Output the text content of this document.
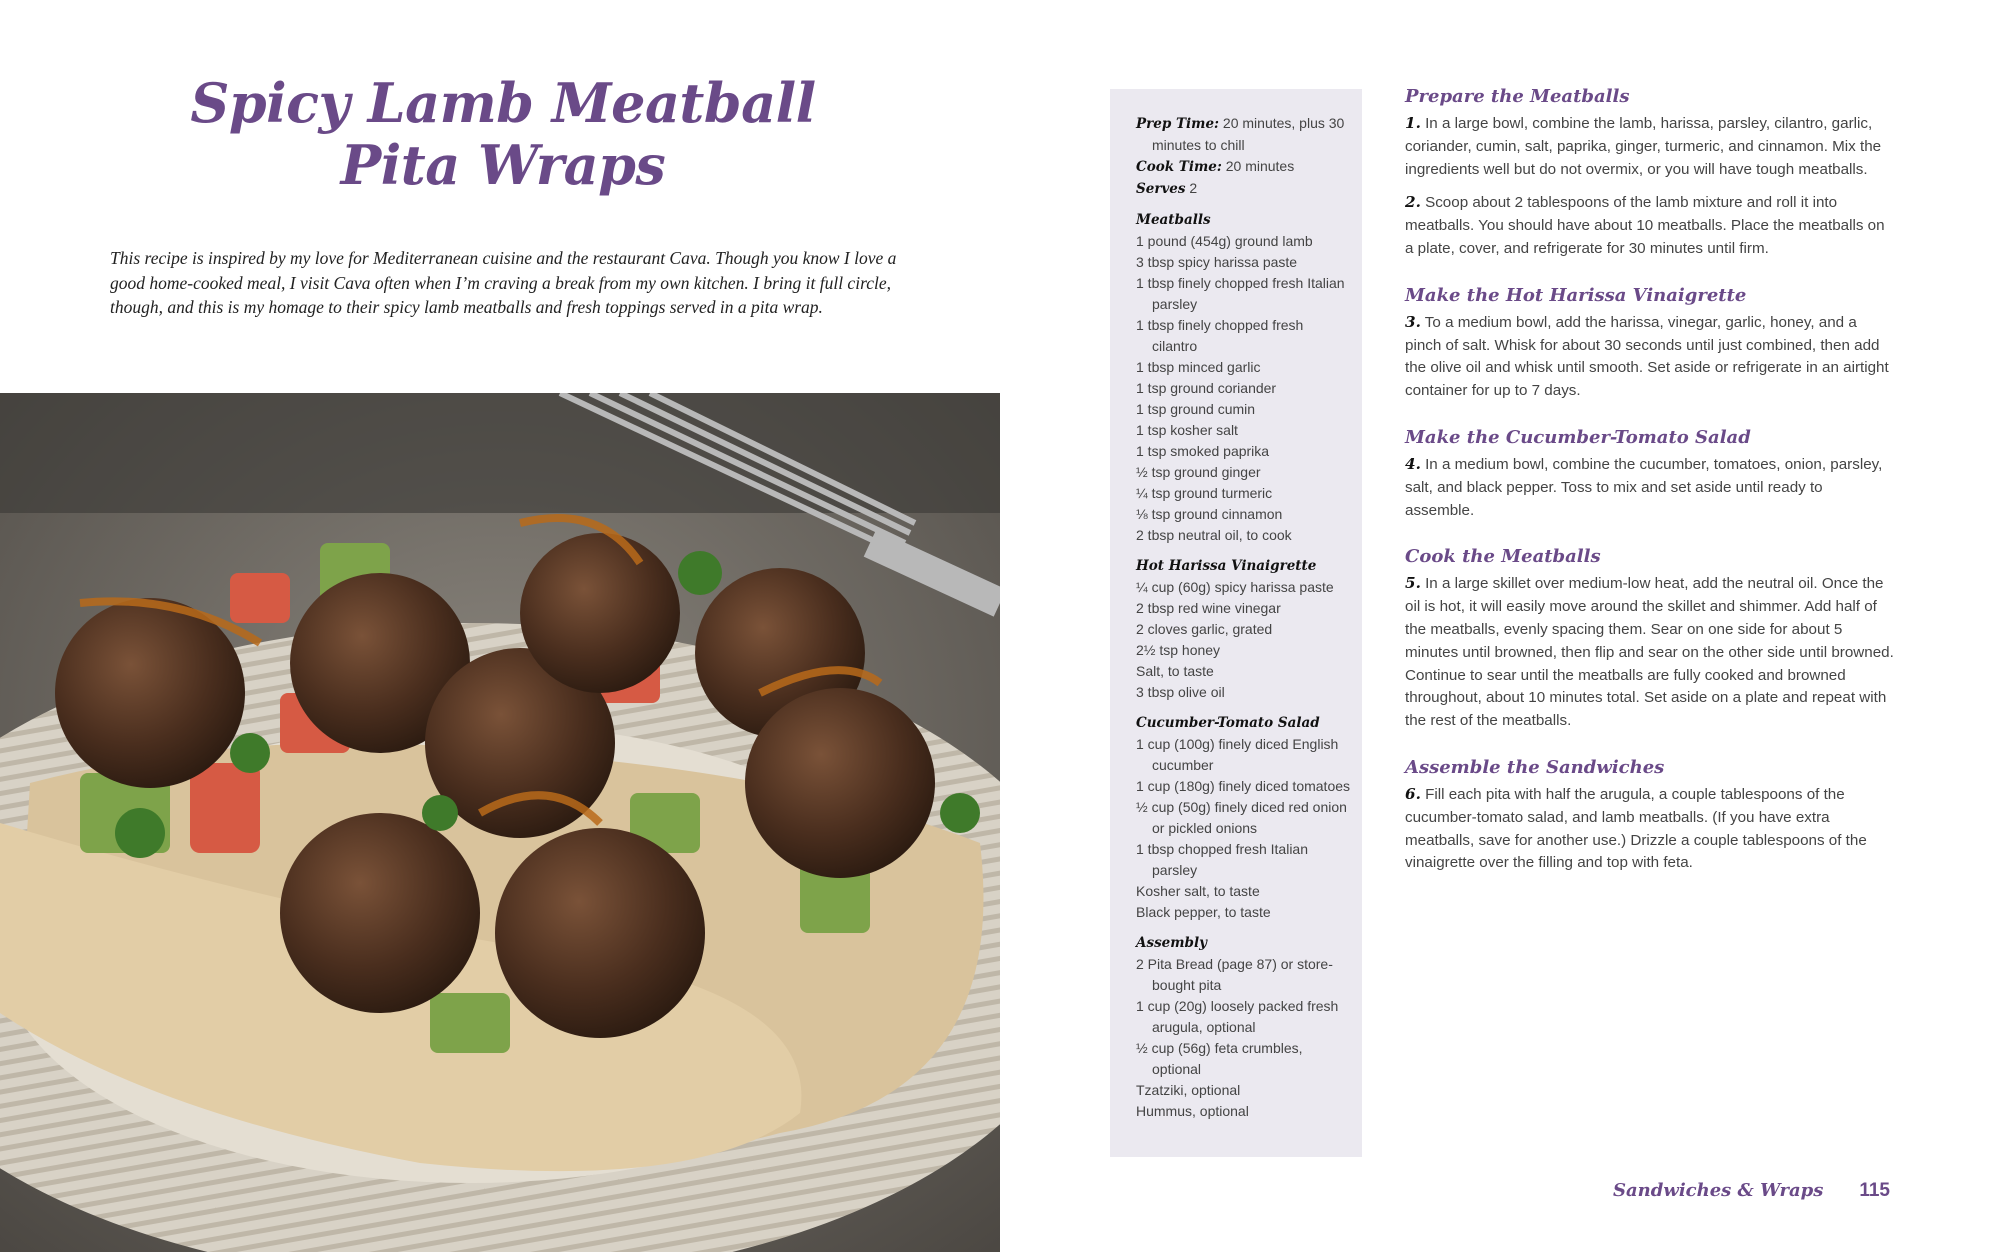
Spicy Lamb Meatball
Pita Wraps

This recipe is inspired by my love for Mediterranean cuisine and the restaurant Cava. Though you know I love a good home-cooked meal, I visit Cava often when I’m craving a break from my own kitchen. I bring it full circle, though, and this is my homage to their spicy lamb meatballs and fresh toppings served in a pita wrap.

Prep Time: 20 minutes, plus 30 minutes to chill
Cook Time: 20 minutes
Serves 2
Meatballs
1 pound (454g) ground lamb
3 tbsp spicy harissa paste
1 tbsp finely chopped fresh Italian parsley
1 tbsp finely chopped fresh cilantro
1 tbsp minced garlic
1 tsp ground coriander
1 tsp ground cumin
1 tsp kosher salt
1 tsp smoked paprika
½ tsp ground ginger
¼ tsp ground turmeric
⅛ tsp ground cinnamon
2 tbsp neutral oil, to cook
Hot Harissa Vinaigrette
¼ cup (60g) spicy harissa paste
2 tbsp red wine vinegar
2 cloves garlic, grated
2½ tsp honey
Salt, to taste
3 tbsp olive oil
Cucumber-Tomato Salad
1 cup (100g) finely diced English cucumber
1 cup (180g) finely diced tomatoes
½ cup (50g) finely diced red onion or pickled onions
1 tbsp chopped fresh Italian parsley
Kosher salt, to taste
Black pepper, to taste
Assembly
2 Pita Bread (page 87) or store-bought pita
1 cup (20g) loosely packed fresh arugula, optional
½ cup (56g) feta crumbles, optional
Tzatziki, optional
Hummus, optional
Prepare the Meatballs

1. In a large bowl, combine the lamb, harissa, parsley, cilantro, garlic, coriander, cumin, salt, paprika, ginger, turmeric, and cinnamon. Mix the ingredients well but do not overmix, or you will have tough meatballs.

2. Scoop about 2 tablespoons of the lamb mixture and roll it into meatballs. You should have about 10 meatballs. Place the meatballs on a plate, cover, and refrigerate for 30 minutes until firm.

Make the Hot Harissa Vinaigrette

3. To a medium bowl, add the harissa, vinegar, garlic, honey, and a pinch of salt. Whisk for about 30 seconds until just combined, then add the olive oil and whisk until smooth. Set aside or refrigerate in an airtight container for up to 7 days.

Make the Cucumber-Tomato Salad

4. In a medium bowl, combine the cucumber, tomatoes, onion, parsley, salt, and black pepper. Toss to mix and set aside until ready to assemble.

Cook the Meatballs

5. In a large skillet over medium-low heat, add the neutral oil. Once the oil is hot, it will easily move around the skillet and shimmer. Add half of the meatballs, evenly spacing them. Sear on one side for about 5 minutes until browned, then flip and sear on the other side until browned. Continue to sear until the meatballs are fully cooked and browned throughout, about 10 minutes total. Set aside on a plate and repeat with the rest of the meatballs.

Assemble the Sandwiches

6. Fill each pita with half the arugula, a couple tablespoons of the cucumber-tomato salad, and lamb meatballs. (If you have extra meatballs, save for another use.) Drizzle a couple tablespoons of the vinaigrette over the filling and top with feta.

Sandwiches & Wraps 115
